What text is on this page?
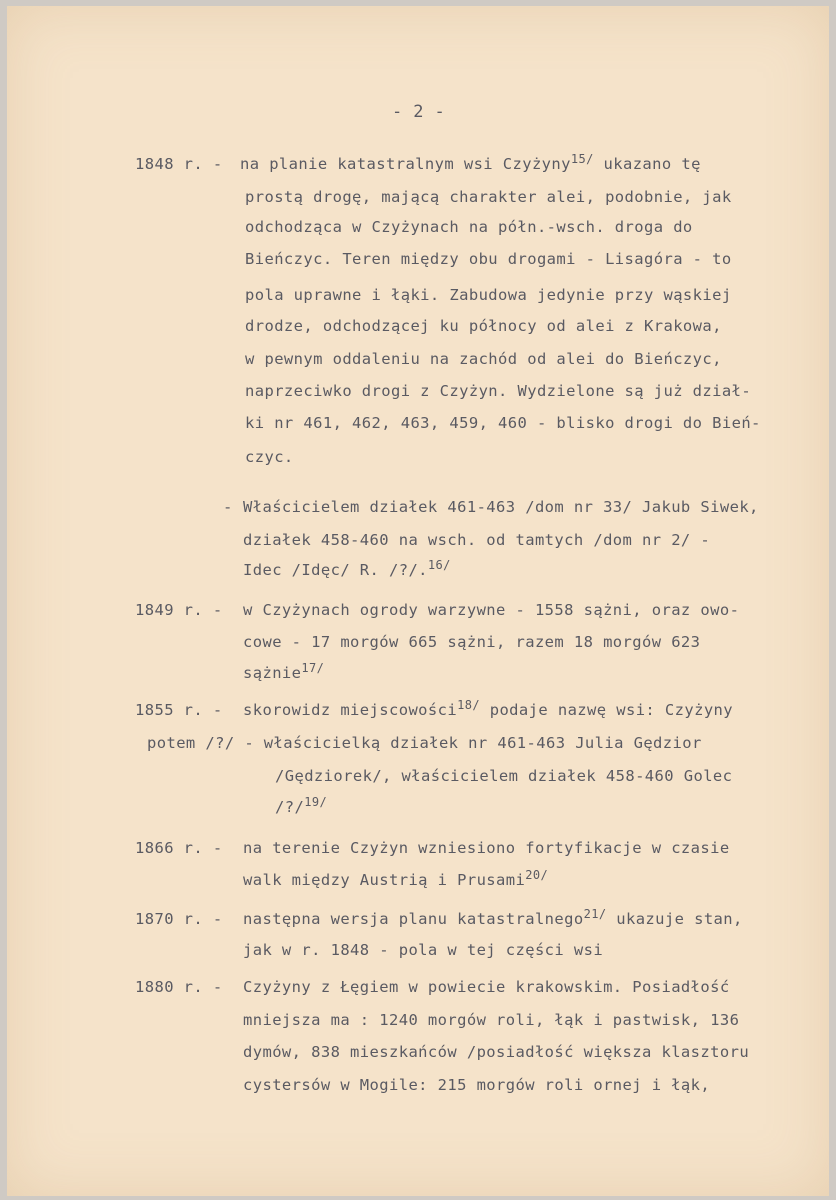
- 2 -
1848 r. - na planie katastralnym wsi Czyżyny$^{15/}$ ukazano tę
prostą drogę, mającą charakter alei, podobnie, jak
odchodząca w Czyżynach na półn.-wsch. droga do
Bieńczyc. Teren między obu drogami - Lisagóra - to
pola uprawne i łąki. Zabudowa jedynie przy wąskiej
drodze, odchodzącej ku północy od alei z Krakowa,
w pewnym oddaleniu na zachód od alei do Bieńczyc,
naprzeciwko drogi z Czyżyn. Wydzielone są już dział-
ki nr 461, 462, 463, 459, 460 - blisko drogi do Bień-
czyc.
- Właścicielem działek 461-463 /dom nr 33/ Jakub Siwek,
działek 458-460 na wsch. od tamtych /dom nr 2/ -
Idec /Idęc/ R. /?/.$^{16/}$
1849 r. - w Czyżynach ogrody warzywne - 1558 sążni, oraz owo-
cowe - 17 morgów 665 sążni, razem 18 morgów 623
sążnie$^{17/}$
1855 r. - skorowidz miejscowości$^{18/}$ podaje nazwę wsi: Czyżyny
potem /?/ - właścicielką działek nr 461-463 Julia Gędzior
/Gędziorek/, właścicielem działek 458-460 Golec
/?/$^{19/}$
1866 r. - na terenie Czyżyn wzniesiono fortyfikacje w czasie
walk między Austrią i Prusami$^{20/}$
1870 r. - następna wersja planu katastralnego$^{21/}$ ukazuje stan,
jak w r. 1848 - pola w tej części wsi
1880 r. - Czyżyny z Łęgiem w powiecie krakowskim. Posiadłość
mniejsza ma : 1240 morgów roli, łąk i pastwisk, 136
dymów, 838 mieszkańców /posiadłość większa klasztoru
cystersów w Mogile: 215 morgów roli ornej i łąk,
